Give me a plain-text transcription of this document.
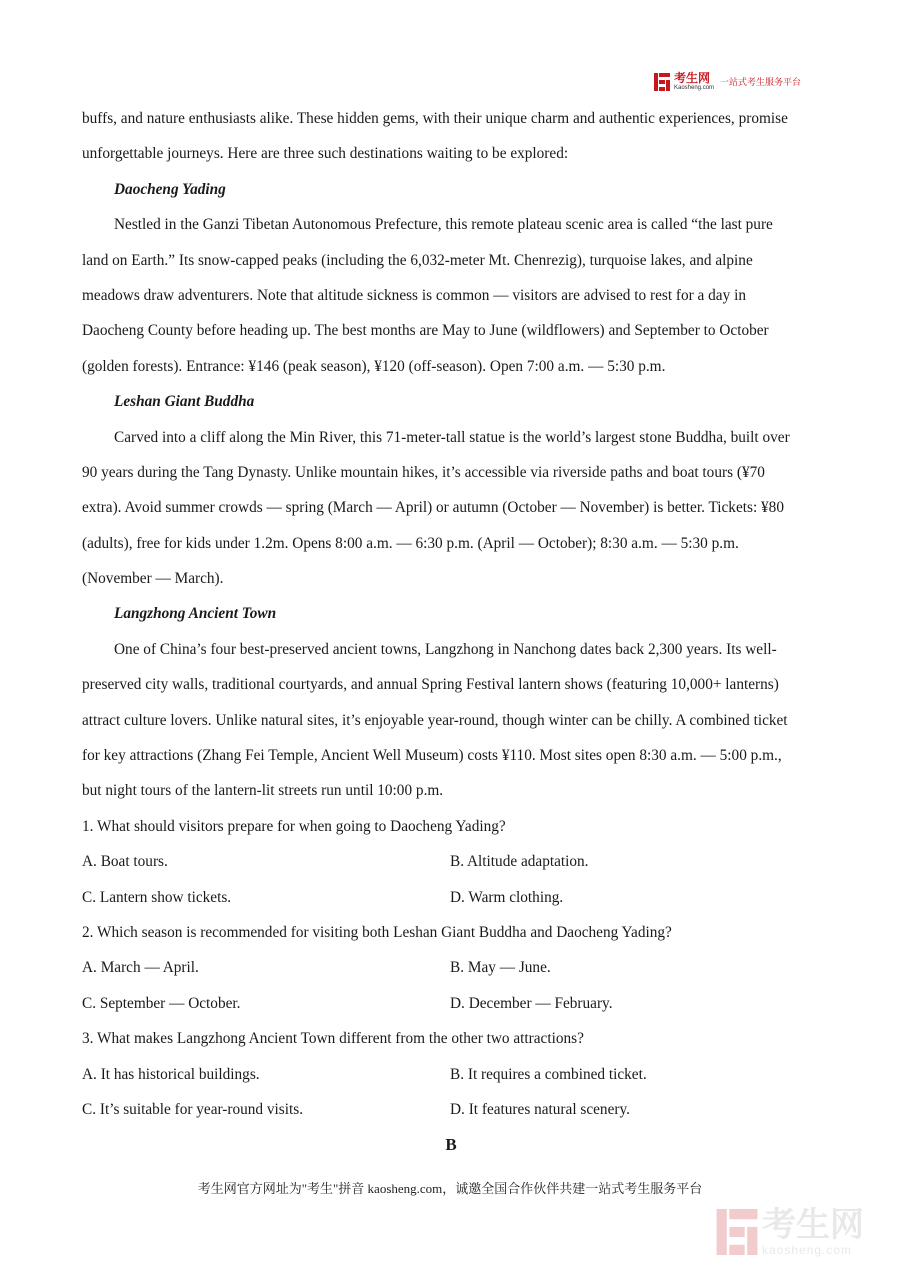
考生网
Kaosheng.com 一站式考生服务平台
buffs, and nature enthusiasts alike. These hidden gems, with their unique charm and authentic experiences, promise
unforgettable journeys. Here are three such destinations waiting to be explored:
Daocheng Yading
Nestled in the Ganzi Tibetan Autonomous Prefecture, this remote plateau scenic area is called “the last pure
land on Earth.” Its snow-capped peaks (including the 6,032-meter Mt. Chenrezig), turquoise lakes, and alpine
meadows draw adventurers. Note that altitude sickness is common — visitors are advised to rest for a day in
Daocheng County before heading up. The best months are May to June (wildflowers) and September to October
(golden forests). Entrance: ¥146 (peak season), ¥120 (off-season). Open 7:00 a.m. — 5:30 p.m.
Leshan Giant Buddha
Carved into a cliff along the Min River, this 71-meter-tall statue is the world’s largest stone Buddha, built over
90 years during the Tang Dynasty. Unlike mountain hikes, it’s accessible via riverside paths and boat tours (¥70
extra). Avoid summer crowds — spring (March — April) or autumn (October — November) is better. Tickets: ¥80
(adults), free for kids under 1.2m. Opens 8:00 a.m. — 6:30 p.m. (April — October); 8:30 a.m. — 5:30 p.m.
(November — March).
Langzhong Ancient Town
One of China’s four best-preserved ancient towns, Langzhong in Nanchong dates back 2,300 years. Its well-
preserved city walls, traditional courtyards, and annual Spring Festival lantern shows (featuring 10,000+ lanterns)
attract culture lovers. Unlike natural sites, it’s enjoyable year-round, though winter can be chilly. A combined ticket
for key attractions (Zhang Fei Temple, Ancient Well Museum) costs ¥110. Most sites open 8:30 a.m. — 5:00 p.m.,
but night tours of the lantern-lit streets run until 10:00 p.m.
1. What should visitors prepare for when going to Daocheng Yading?
A. Boat tours.	B. Altitude adaptation.
C. Lantern show tickets.	D. Warm clothing.
2. Which season is recommended for visiting both Leshan Giant Buddha and Daocheng Yading?
A. March — April.	B. May — June.
C. September — October.	D. December — February.
3. What makes Langzhong Ancient Town different from the other two attractions?
A. It has historical buildings.	B. It requires a combined ticket.
C. It’s suitable for year-round visits.	D. It features natural scenery.
B
考生网官方网址为"考生"拼音 kaosheng.com，诚邀全国合作伙伴共建一站式考生服务平台
考生网
kaosheng.com
